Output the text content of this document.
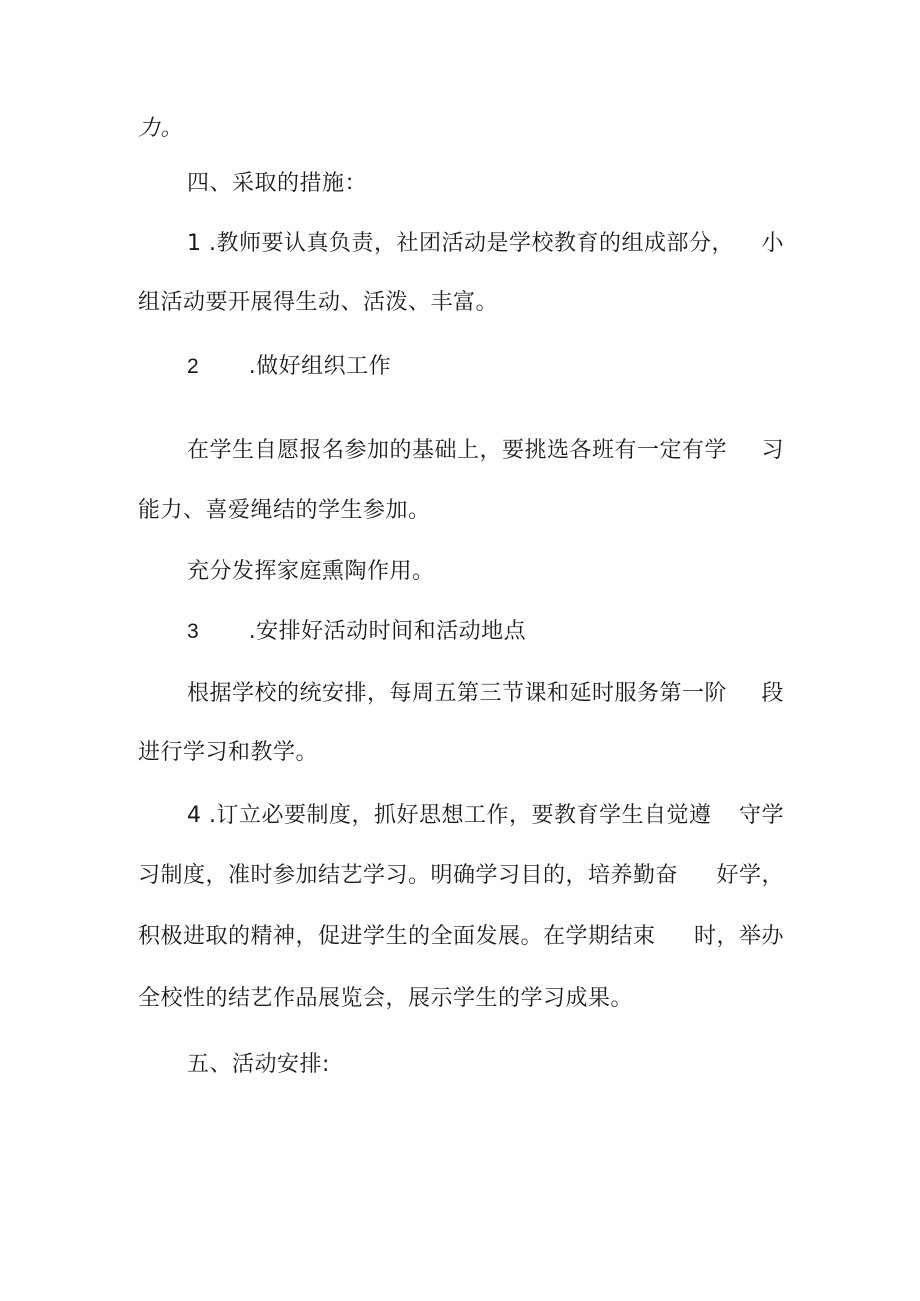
力。
四、采取的措施：
1 .教师要认真负责，社团活动是学校教育的组成部分， 小
组活动要开展得生动、活泼、丰富。
2 .做好组织工作
在学生自愿报名参加的基础上，要挑选各班有一定有学 习
能力、喜爱绳结的学生参加。
充分发挥家庭熏陶作用。
3 .安排好活动时间和活动地点
根据学校的统安排，每周五第三节课和延时服务第一阶 段
进行学习和教学。
4 .订立必要制度，抓好思想工作，要教育学生自觉遵 守学
习制度，准时参加结艺学习。明确学习目的，培养勤奋 好学，
积极进取的精神，促进学生的全面发展。在学期结束 时，举办
全校性的结艺作品展览会，展示学生的学习成果。
五、活动安排:
